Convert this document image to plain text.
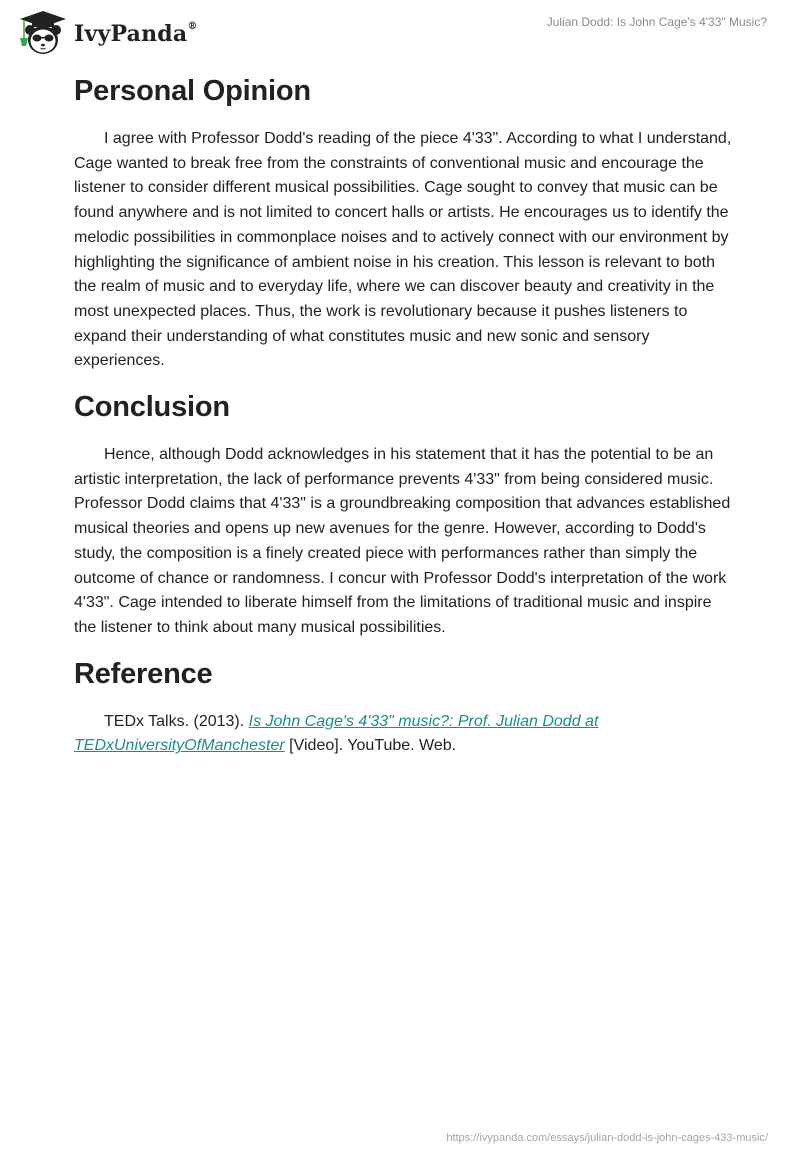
IvyPanda®	Julian Dodd: Is John Cage's 4'33" Music?
Personal Opinion

I agree with Professor Dodd's reading of the piece 4'33". According to what I understand, Cage wanted to break free from the constraints of conventional music and encourage the listener to consider different musical possibilities. Cage sought to convey that music can be found anywhere and is not limited to concert halls or artists. He encourages us to identify the melodic possibilities in commonplace noises and to actively connect with our environment by highlighting the significance of ambient noise in his creation. This lesson is relevant to both the realm of music and to everyday life, where we can discover beauty and creativity in the most unexpected places. Thus, the work is revolutionary because it pushes listeners to expand their understanding of what constitutes music and new sonic and sensory experiences.

Conclusion

Hence, although Dodd acknowledges in his statement that it has the potential to be an artistic interpretation, the lack of performance prevents 4'33" from being considered music. Professor Dodd claims that 4'33" is a groundbreaking composition that advances established musical theories and opens up new avenues for the genre. However, according to Dodd's study, the composition is a finely created piece with performances rather than simply the outcome of chance or randomness. I concur with Professor Dodd's interpretation of the work 4'33". Cage intended to liberate himself from the limitations of traditional music and inspire the listener to think about many musical possibilities.

Reference

TEDx Talks. (2013). Is John Cage's 4'33" music?: Prof. Julian Dodd at TEDxUniversityOfManchester [Video]. YouTube. Web.

https://ivypanda.com/essays/julian-dodd-is-john-cages-433-music/
